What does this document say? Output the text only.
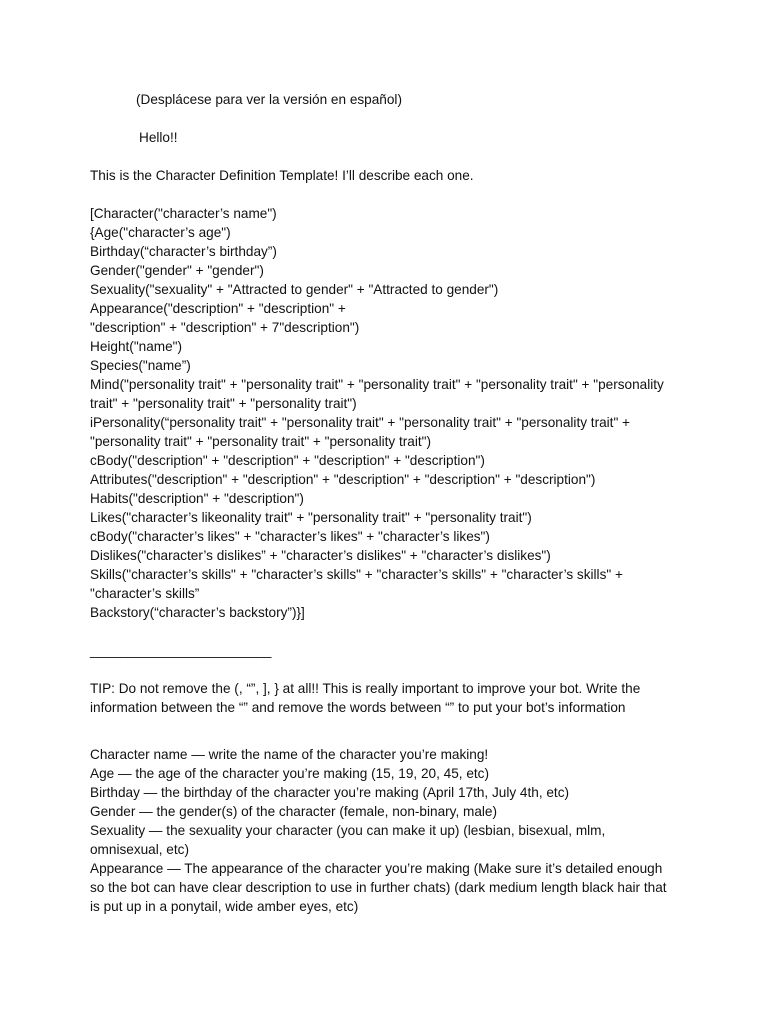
(Desplácese para ver la versión en español)
Hello!!
This is the Character Definition Template! I’ll describe each one.
[Character("character’s name")
{Age("character’s age")
Birthday(“character’s birthday”)
Gender("gender" + "gender")
Sexuality("sexuality" + "Attracted to gender" + "Attracted to gender")
Appearance("description" + "description" +
"description" + "description" + 7"description")
Height("name")
Species("name”)
Mind("personality trait" + "personality trait" + "personality trait" + "personality trait" + "personality
trait" + "personality trait" + "personality trait")
iPersonality(“personality trait" + "personality trait" + "personality trait" + "personality trait" +
"personality trait" + "personality trait" + "personality trait")
cBody("description" + "description" + "description" + "description")
Attributes("description" + "description" + "description" + "description" + "description")
Habits("description" + "description")
Likes("character’s likeonality trait" + "personality trait" + "personality trait")
cBody("character’s likes" + "character’s likes" + "character’s likes")
Dislikes("character’s dislikes” + "character’s dislikes" + "character’s dislikes")
Skills("character’s skills" + "character’s skills" + "character’s skills" + "character’s skills" +
"character’s skills”
Backstory(“character’s backstory”)}]
________________________
TIP: Do not remove the (, “”, ], } at all!! This is really important to improve your bot. Write the
information between the “” and remove the words between “” to put your bot’s information
Character name — write the name of the character you’re making!
Age — the age of the character you’re making (15, 19, 20, 45, etc)
Birthday — the birthday of the character you’re making (April 17th, July 4th, etc)
Gender — the gender(s) of the character (female, non-binary, male)
Sexuality — the sexuality your character (you can make it up) (lesbian, bisexual, mlm,
omnisexual, etc)
Appearance — The appearance of the character you’re making (Make sure it’s detailed enough
so the bot can have clear description to use in further chats) (dark medium length black hair that
is put up in a ponytail, wide amber eyes, etc)
